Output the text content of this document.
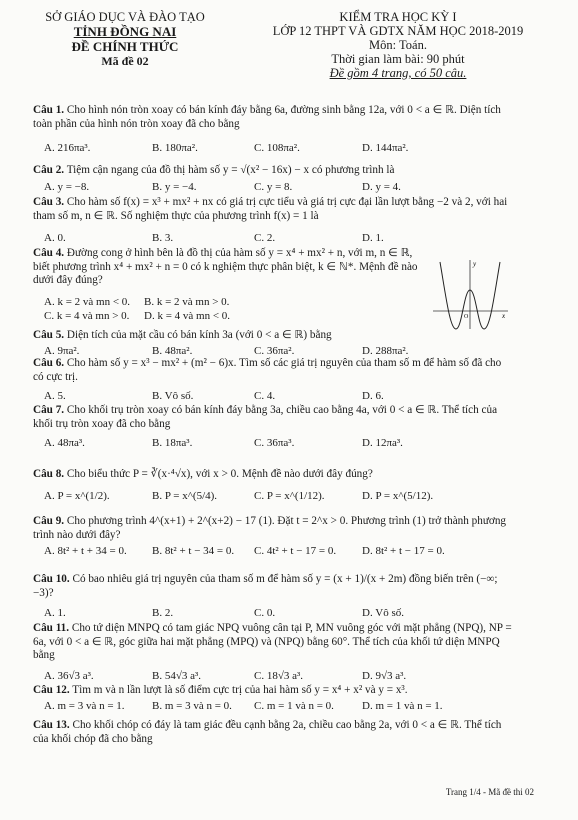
SỞ GIÁO DỤC VÀ ĐÀO TẠO
TỈNH ĐỒNG NAI
ĐỀ CHÍNH THỨC
Mã đề 02
KIỂM TRA HỌC KỲ I
LỚP 12 THPT VÀ GDTX NĂM HỌC 2018-2019
Môn: Toán.
Thời gian làm bài: 90 phút
Đề gồm 4 trang, có 50 câu.
Câu 1. Cho hình nón tròn xoay có bán kính đáy bằng 6a, đường sinh bằng 12a, với 0 < a ∈ ℝ. Diện tích toàn phần của hình nón tròn xoay đã cho bằng
A. 216πa³.	B. 180πa².	C. 108πa².	D. 144πa².
Câu 2. Tiệm cận ngang của đồ thị hàm số y = √(x² − 16x) − x có phương trình là
A. y = −8.	B. y = −4.	C. y = 8.	D. y = 4.
Câu 3. Cho hàm số f(x) = x³ + mx² + nx có giá trị cực tiểu và giá trị cực đại lần lượt bằng −2 và 2, với hai tham số m, n ∈ ℝ. Số nghiệm thực của phương trình f(x) = 1 là
A. 0.	B. 3.	C. 2.	D. 1.
Câu 4. Đường cong ở hình bên là đồ thị của hàm số y = x⁴ + mx² + n, với m, n ∈ ℝ, biết phương trình x⁴ + mx² + n = 0 có k nghiệm thực phân biệt, k ∈ ℕ*. Mệnh đề nào dưới đây đúng?
A. k = 2 và mn < 0. B. k = 2 và mn > 0.
C. k = 4 và mn > 0. D. k = 4 và mn < 0.
Câu 5. Diện tích của mặt cầu có bán kính 3a (với 0 < a ∈ ℝ) bằng
A. 9πa².	B. 48πa².	C. 36πa².	D. 288πa².
Câu 6. Cho hàm số y = x³ − mx² + (m² − 6)x. Tìm số các giá trị nguyên của tham số m để hàm số đã cho có cực trị.
A. 5.	B. Vô số.	C. 4.	D. 6.
Câu 7. Cho khối trụ tròn xoay có bán kính đáy bằng 3a, chiều cao bằng 4a, với 0 < a ∈ ℝ. Thể tích của khối trụ tròn xoay đã cho bằng
A. 48πa³.	B. 18πa³.	C. 36πa³.	D. 12πa³.
Câu 8. Cho biểu thức P = ∛(x·⁴√x), với x > 0. Mệnh đề nào dưới đây đúng?
A. P = x^(1/2).	B. P = x^(5/4).	C. P = x^(1/12).	D. P = x^(5/12).
Câu 9. Cho phương trình 4^(x+1) + 2^(x+2) − 17 (1). Đặt t = 2^x > 0. Phương trình (1) trở thành phương trình nào dưới đây?
A. 8t² + t + 34 = 0. B. 8t² + t − 34 = 0. C. 4t² + t − 17 = 0. D. 8t² + t − 17 = 0.
Câu 10. Có bao nhiêu giá trị nguyên của tham số m để hàm số y = (x + 1)/(x + 2m) đồng biến trên (−∞; −3)?
A. 1.	B. 2.	C. 0.	D. Vô số.
Câu 11. Cho tứ diện MNPQ có tam giác NPQ vuông cân tại P, MN vuông góc với mặt phẳng (NPQ), NP = 6a, với 0 < a ∈ ℝ, góc giữa hai mặt phẳng (MPQ) và (NPQ) bằng 60°. Thể tích của khối tứ diện MNPQ bằng
A. 36√3 a³.	B. 54√3 a³.	C. 18√3 a³.	D. 9√3 a³.
Câu 12. Tìm m và n lần lượt là số điểm cực trị của hai hàm số y = x⁴ + x² và y = x³.
A. m = 3 và n = 1. B. m = 3 và n = 0. C. m = 1 và n = 0.	D. m = 1 và n = 1.
Câu 13. Cho khối chóp có đáy là tam giác đều cạnh bằng 2a, chiều cao bằng 2a, với 0 < a ∈ ℝ. Thể tích của khối chóp đã cho bằng
y
x
O
Trang 1/4 - Mã đề thi 02
